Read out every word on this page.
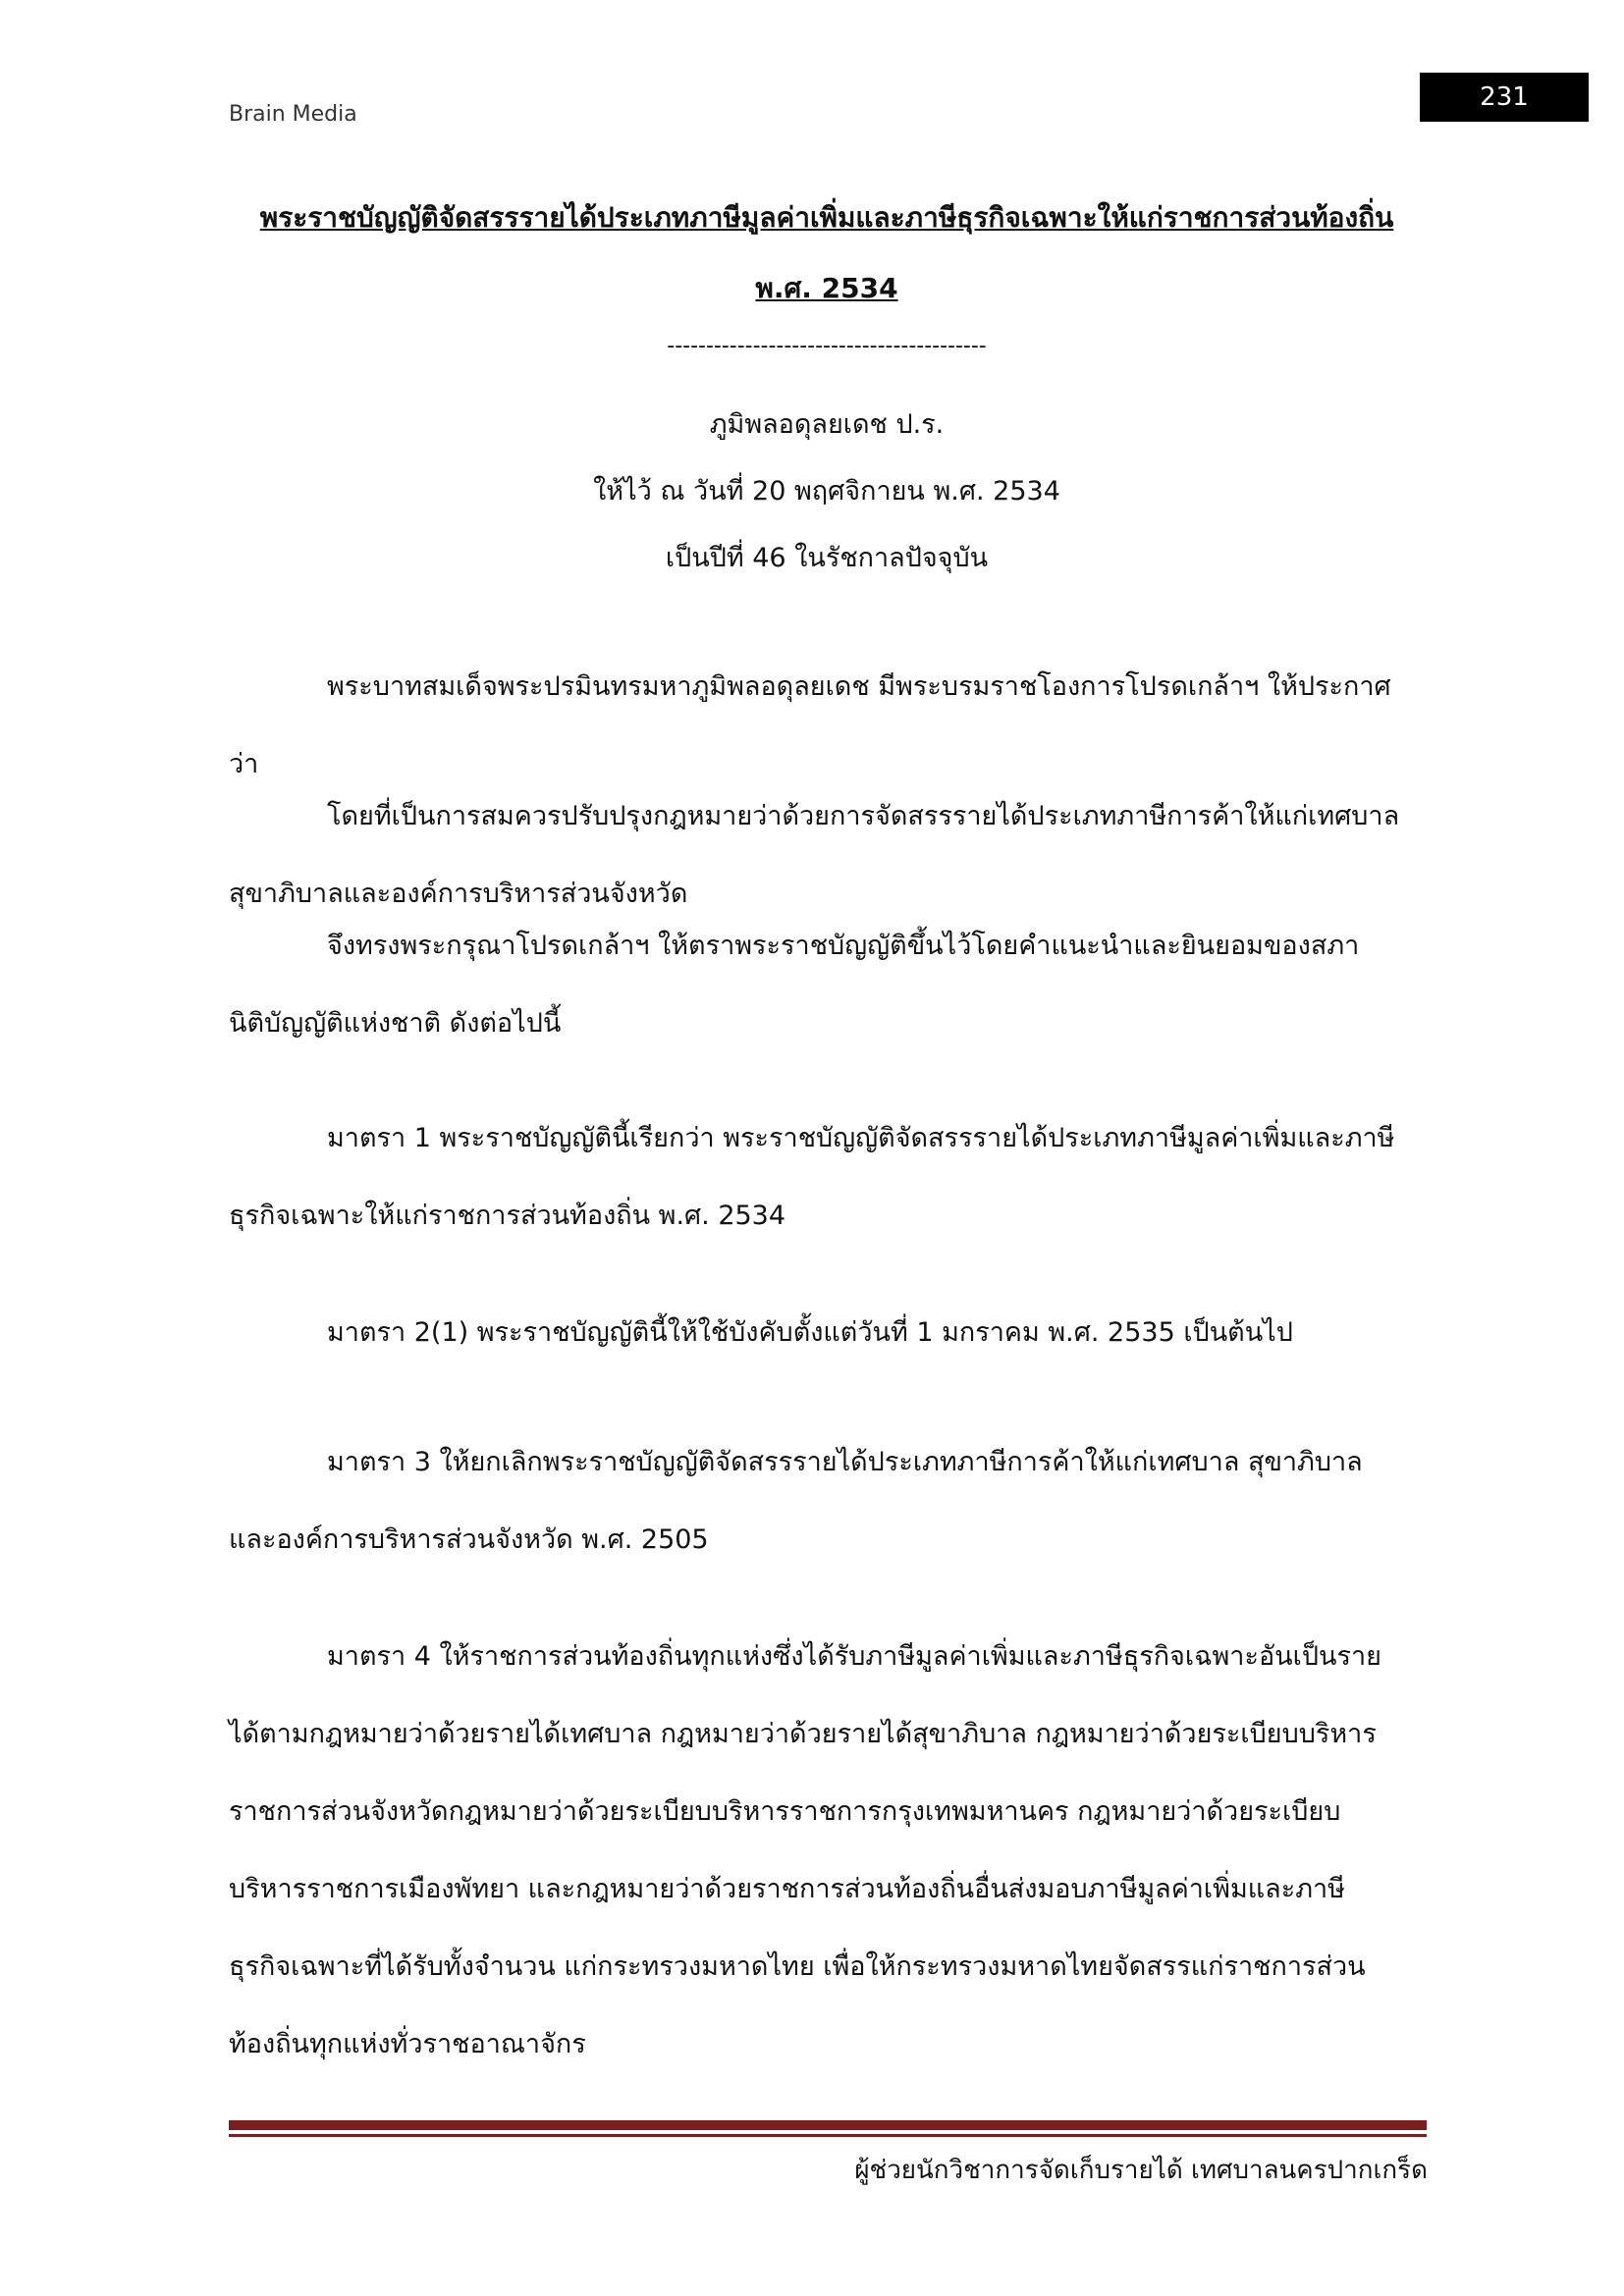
Brain Media
231
พระราชบัญญัติจัดสรรรายได้ประเภทภาษีมูลค่าเพิ่มและภาษีธุรกิจเฉพาะให้แก่ราชการส่วนท้องถิ่น
พ.ศ. 2534
-----------------------------------------
ภูมิพลอดุลยเดช ป.ร.
ให้ไว้ ณ วันที่ 20 พฤศจิกายน พ.ศ. 2534
เป็นปีที่ 46 ในรัชกาลปัจจุบัน
พระบาทสมเด็จพระปรมินทรมหาภูมิพลอดุลยเดช มีพระบรมราชโองการโปรดเกล้าฯ ให้ประกาศว่า
โดยที่เป็นการสมควรปรับปรุงกฎหมายว่าด้วยการจัดสรรรายได้ประเภทภาษีการค้าให้แก่เทศบาล สุขาภิบาลและองค์การบริหารส่วนจังหวัด
จึงทรงพระกรุณาโปรดเกล้าฯ ให้ตราพระราชบัญญัติขึ้นไว้โดยคำแนะนำและยินยอมของสภานิติบัญญัติแห่งชาติ ดังต่อไปนี้
มาตรา 1 พระราชบัญญัตินี้เรียกว่า พระราชบัญญัติจัดสรรรายได้ประเภทภาษีมูลค่าเพิ่มและภาษีธุรกิจเฉพาะให้แก่ราชการส่วนท้องถิ่น พ.ศ. 2534
มาตรา 2(1) พระราชบัญญัตินี้ให้ใช้บังคับตั้งแต่วันที่ 1 มกราคม พ.ศ. 2535 เป็นต้นไป
มาตรา 3 ให้ยกเลิกพระราชบัญญัติจัดสรรรายได้ประเภทภาษีการค้าให้แก่เทศบาล สุขาภิบาลและองค์การบริหารส่วนจังหวัด พ.ศ. 2505
มาตรา 4 ให้ราชการส่วนท้องถิ่นทุกแห่งซึ่งได้รับภาษีมูลค่าเพิ่มและภาษีธุรกิจเฉพาะอันเป็นรายได้ตามกฎหมายว่าด้วยรายได้เทศบาล กฎหมายว่าด้วยรายได้สุขาภิบาล กฎหมายว่าด้วยระเบียบบริหารราชการส่วนจังหวัดกฎหมายว่าด้วยระเบียบบริหารราชการกรุงเทพมหานคร กฎหมายว่าด้วยระเบียบบริหารราชการเมืองพัทยา และกฎหมายว่าด้วยราชการส่วนท้องถิ่นอื่นส่งมอบภาษีมูลค่าเพิ่มและภาษีธุรกิจเฉพาะที่ได้รับทั้งจำนวน แก่กระทรวงมหาดไทย เพื่อให้กระทรวงมหาดไทยจัดสรรแก่ราชการส่วนท้องถิ่นทุกแห่งทั่วราชอาณาจักร
ผู้ช่วยนักวิชาการจัดเก็บรายได้ เทศบาลนครปากเกร็ด
